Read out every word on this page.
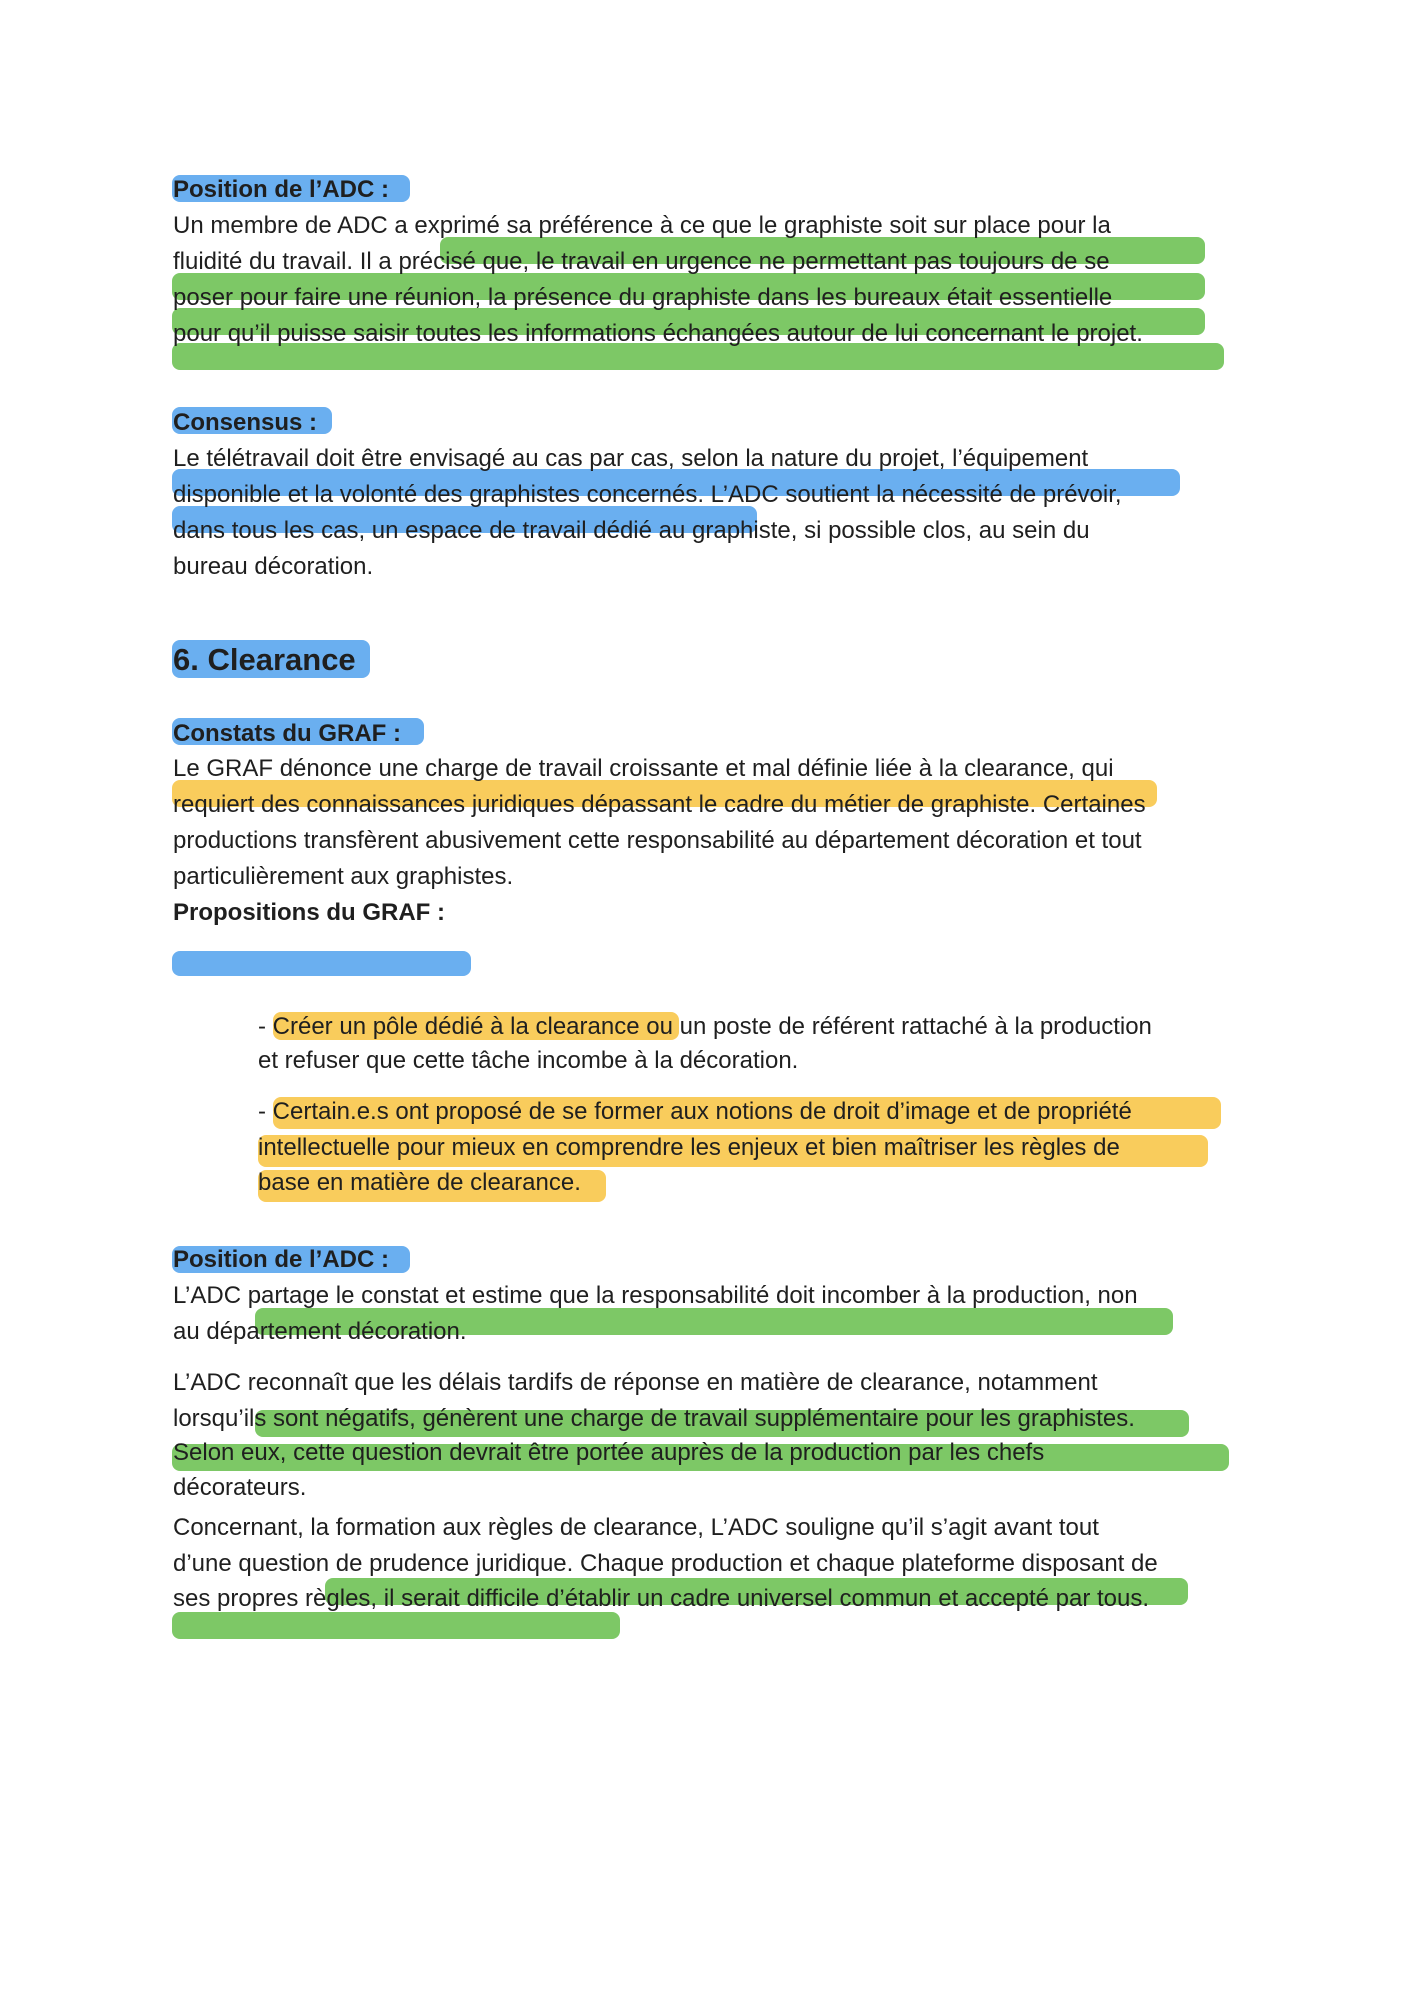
Position de l’ADC :

Un membre de ADC a exprimé sa préférence à ce que le graphiste soit sur place pour la

fluidité du travail. Il a précisé que, le travail en urgence ne permettant pas toujours de se

poser pour faire une réunion, la présence du graphiste dans les bureaux était essentielle

pour qu’il puisse saisir toutes les informations échangées autour de lui concernant le projet.

Consensus :

Le télétravail doit être envisagé au cas par cas, selon la nature du projet, l’équipement

disponible et la volonté des graphistes concernés. L’ADC soutient la nécessité de prévoir,

dans tous les cas, un espace de travail dédié au graphiste, si possible clos, au sein du

bureau décoration.

6. Clearance

Constats du GRAF :

Le GRAF dénonce une charge de travail croissante et mal définie liée à la clearance, qui

requiert des connaissances juridiques dépassant le cadre du métier de graphiste. Certaines

productions transfèrent abusivement cette responsabilité au département décoration et tout

particulièrement aux graphistes.

Propositions du GRAF :

- Créer un pôle dédié à la clearance ou un poste de référent rattaché à la production

et refuser que cette tâche incombe à la décoration.

- Certain.e.s ont proposé de se former aux notions de droit d’image et de propriété

intellectuelle pour mieux en comprendre les enjeux et bien maîtriser les règles de

base en matière de clearance.

Position de l’ADC :

L’ADC partage le constat et estime que la responsabilité doit incomber à la production, non

au département décoration.

L’ADC reconnaît que les délais tardifs de réponse en matière de clearance, notamment

lorsqu’ils sont négatifs, génèrent une charge de travail supplémentaire pour les graphistes.

Selon eux, cette question devrait être portée auprès de la production par les chefs

décorateurs.

Concernant, la formation aux règles de clearance, L’ADC souligne qu’il s’agit avant tout

d’une question de prudence juridique. Chaque production et chaque plateforme disposant de

ses propres règles, il serait difficile d’établir un cadre universel commun et accepté par tous.
